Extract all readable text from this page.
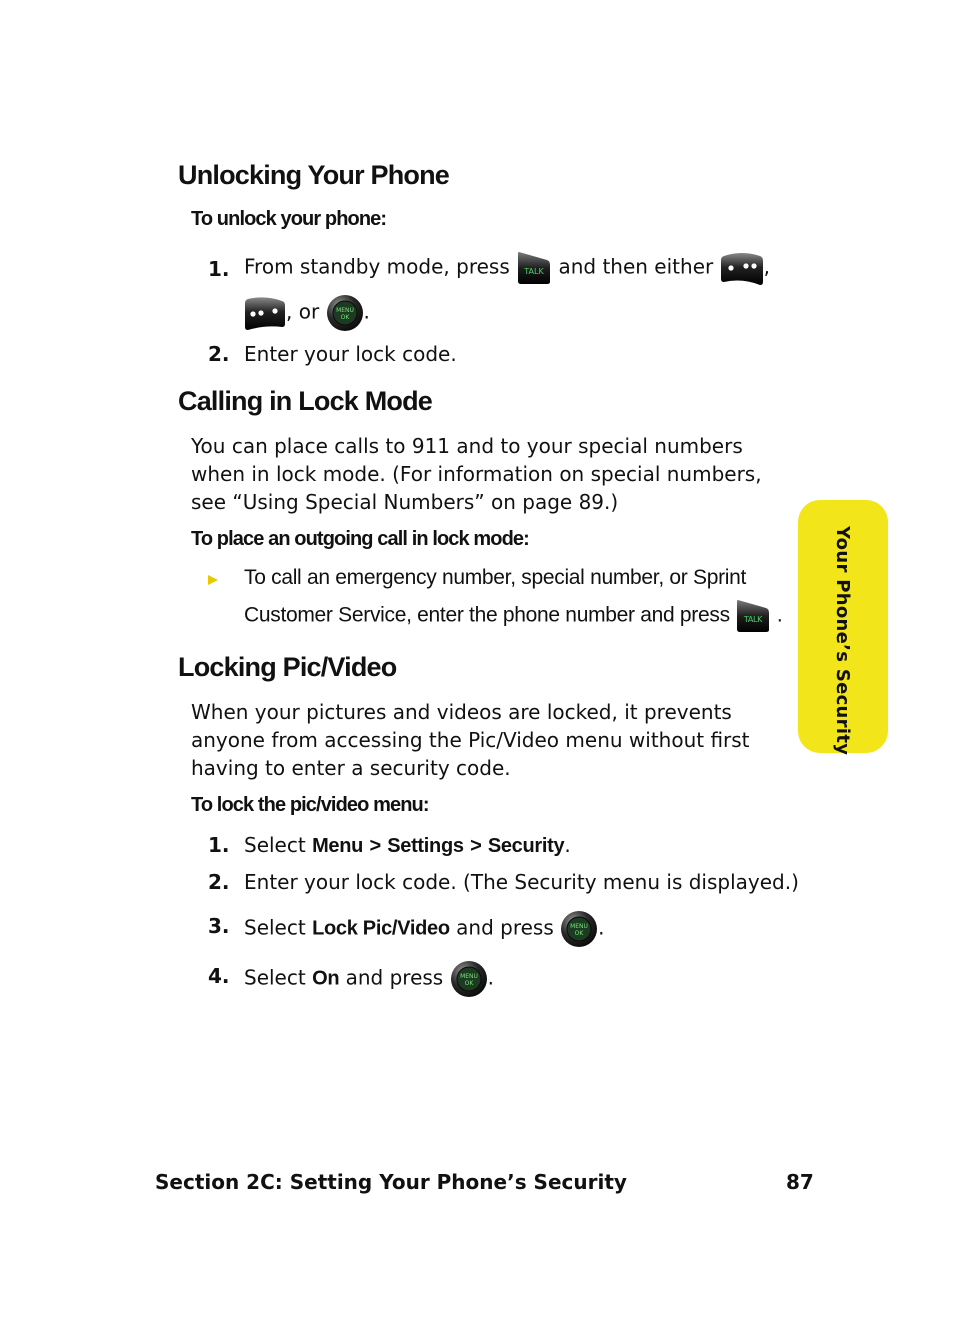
Unlocking Your Phone

To unlock your phone:

1. From standby mode, press TALK and then either	,
, or	MENU
OK .
2. Enter your lock code.
Calling in Lock Mode
You can place calls to 911 and to your special numbers when in lock mode. (For information on special numbers, see “Using Special Numbers” on page 89.)

To place an outgoing call in lock mode:

To call an emergency number, special number, or Sprint
Customer Service, enter the phone number and press TALK .
Locking Pic/Video
When your pictures and videos are locked, it prevents anyone from accessing the Pic/Video menu without first having to enter a security code.

To lock the pic/video menu:

1. Select Menu > Settings > Security.
2. Enter your lock code. (The Security menu is displayed.)
3. Select Lock Pic/Video and press	MENU
OK .
4. Select On and press	MENU
OK .
Your Phone’s Security
Section 2C: Setting Your Phone’s Security	87
